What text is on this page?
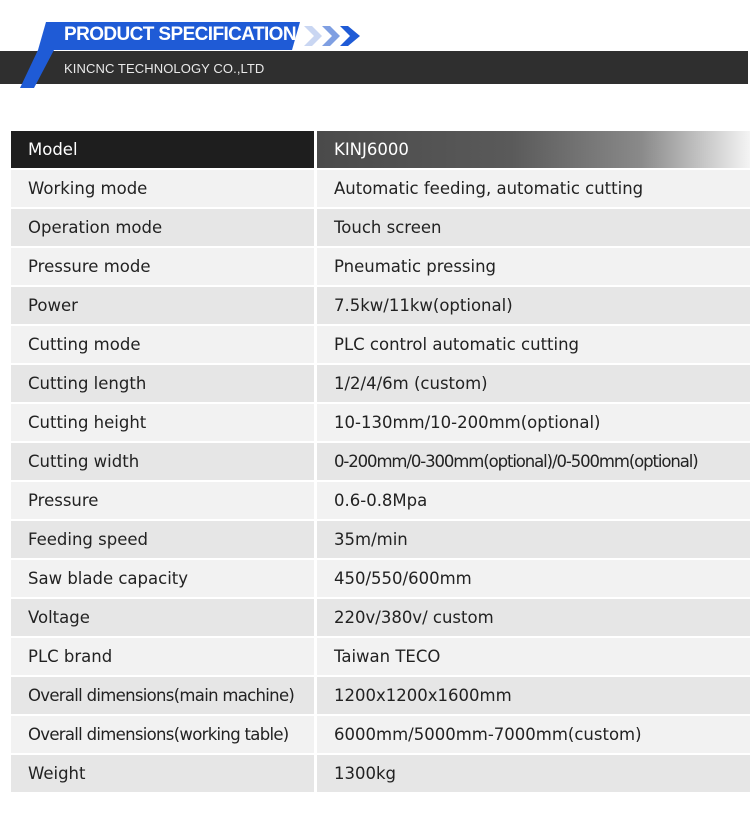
PRODUCT SPECIFICATION
KINCNC TECHNOLOGY CO.,LTD
Model	KINJ6000
Working mode	Automatic feeding, automatic cutting
Operation mode	Touch screen
Pressure mode	Pneumatic pressing
Power	7.5kw/11kw(optional)
Cutting mode	PLC control automatic cutting
Cutting length	1/2/4/6m (custom)
Cutting height	10-130mm/10-200mm(optional)
Cutting width	0-200mm/0-300mm(optional)/0-500mm(optional)
Pressure	0.6-0.8Mpa
Feeding speed	35m/min
Saw blade capacity	450/550/600mm
Voltage	220v/380v/ custom
PLC brand	Taiwan TECO
Overall dimensions(main machine)	1200x1200x1600mm
Overall dimensions(working table)	6000mm/5000mm-7000mm(custom)
Weight	1300kg
